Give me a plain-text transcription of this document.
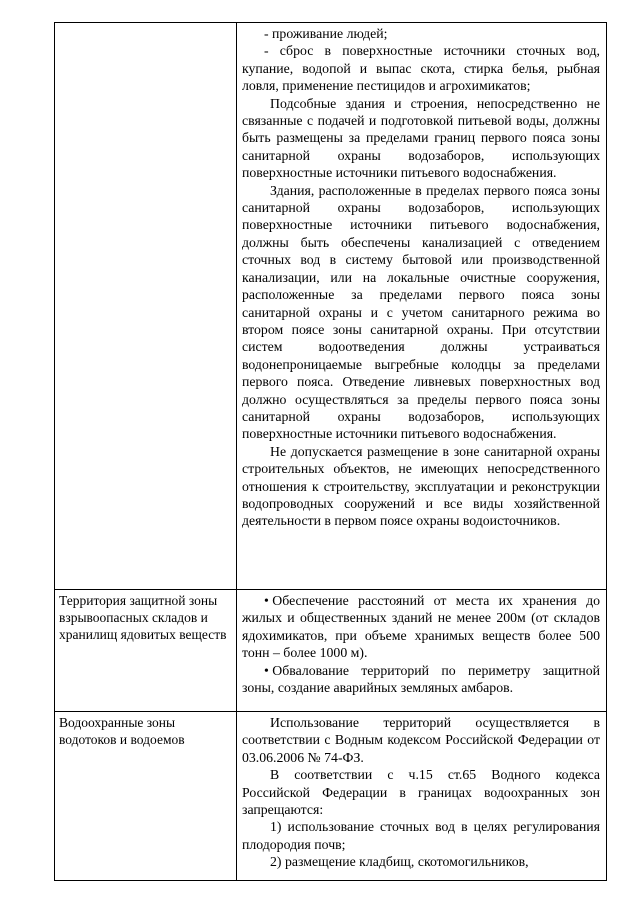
	- проживание людей;

- сброс в поверхностные источники сточных вод, купание, водопой и выпас скота, стирка белья, рыбная ловля, применение пестицидов и агрохимикатов;

Подсобные здания и строения, непосредственно не связанные с подачей и подготовкой питьевой воды, должны быть размещены за пределами границ первого пояса зоны санитарной охраны водозаборов, использующих поверхностные источники питьевого водоснабжения.

Здания, расположенные в пределах первого пояса зоны санитарной охраны водозаборов, использующих поверхностные источники питьевого водоснабжения, должны быть обеспечены канализацией с отведением сточных вод в систему бытовой или производственной канализации, или на локальные очистные сооружения, расположенные за пределами первого пояса зоны санитарной охраны и с учетом санитарного режима во втором поясе зоны санитарной охраны. При отсутствии систем водоотведения должны устраиваться водонепроницаемые выгребные колодцы за пределами первого пояса. Отведение ливневых поверхностных вод должно осуществляться за пределы первого пояса зоны санитарной охраны водозаборов, использующих поверхностные источники питьевого водоснабжения.

Не допускается размещение в зоне санитарной охраны строительных объектов, не имеющих непосредственного отношения к строительству, эксплуатации и реконструкции водопроводных сооружений и все виды хозяйственной деятельности в первом поясе охраны водоисточников.

Территория защитной зоны взрывоопасных складов и хранилищ ядовитых веществ	• Обеспечение расстояний от места их хранения до жилых и общественных зданий не менее 200м (от складов ядохимикатов, при объеме хранимых веществ более 500 тонн – более 1000 м).

• Обвалование территорий по периметру защитной зоны, создание аварийных земляных амбаров.

Водоохранные зоны водотоков и водоемов	Использование территорий осуществляется в соответствии с Водным кодексом Российской Федерации от 03.06.2006 № 74-ФЗ.

В соответствии с ч.15 ст.65 Водного кодекса Российской Федерации в границах водоохранных зон запрещаются:

1) использование сточных вод в целях регулирования плодородия почв;

2) размещение кладбищ, скотомогильников,
